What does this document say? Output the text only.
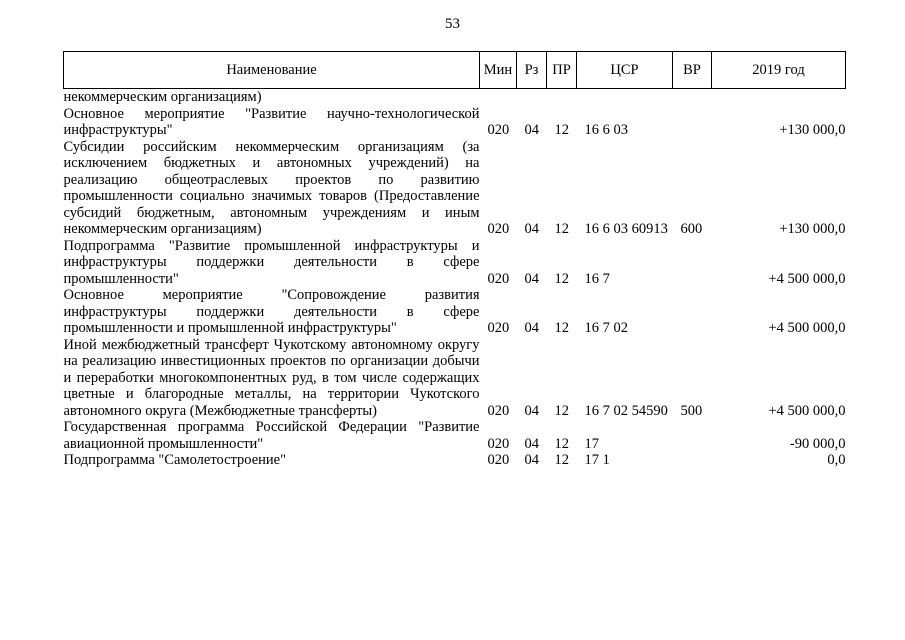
53
Наименование	Мин	Рз	ПР	ЦСР	ВР	2019 год
некоммерческим организациям)						
Основное мероприятие "Развитие научно-технологической инфраструктуры"	020	04	12	16 6 03		+130 000,0
Субсидии российским некоммерческим организациям (за исключением бюджетных и автономных учреждений) на реализацию общеотраслевых проектов по развитию промышленности социально значимых товаров (Предоставление субсидий бюджетным, автономным учреждениям и иным некоммерческим организациям)	020	04	12	16 6 03 60913	600	+130 000,0
Подпрограмма "Развитие промышленной инфраструктуры и инфраструктуры поддержки деятельности в сфере промышленности"	020	04	12	16 7		+4 500 000,0
Основное мероприятие "Сопровождение развития инфраструктуры поддержки деятельности в сфере промышленности и промышленной инфраструктуры"	020	04	12	16 7 02		+4 500 000,0
Иной межбюджетный трансферт Чукотскому автономному округу на реализацию инвестиционных проектов по организации добычи и переработки многокомпонентных руд, в том числе содержащих цветные и благородные металлы, на территории Чукотского автономного округа (Межбюджетные трансферты)	020	04	12	16 7 02 54590	500	+4 500 000,0
Государственная программа Российской Федерации "Развитие авиационной промышленности"	020	04	12	17		-90 000,0
Подпрограмма "Самолетостроение"	020	04	12	17 1		0,0
